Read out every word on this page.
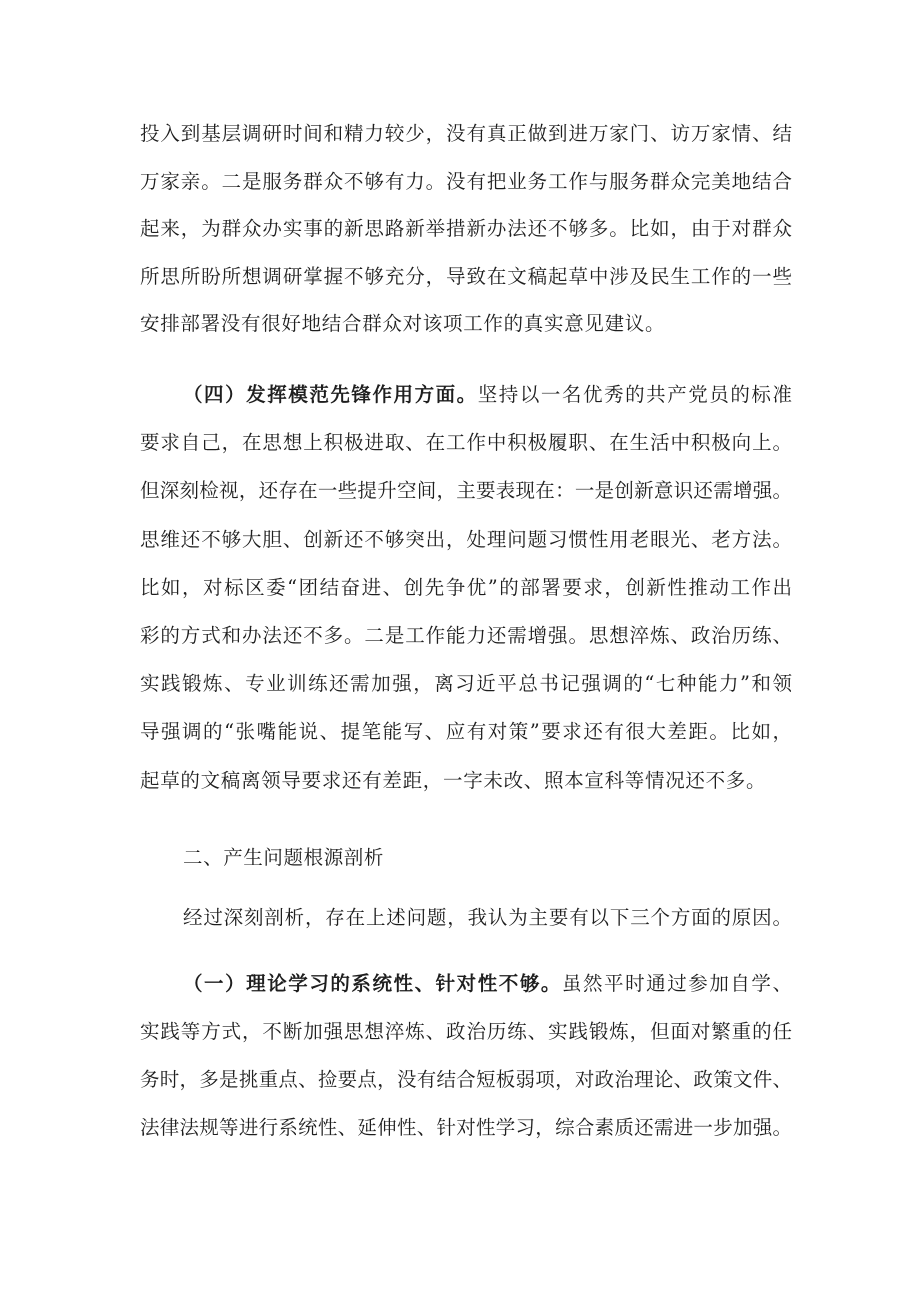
投入到基层调研时间和精力较少，没有真正做到进万家门、访万家情、结
万家亲。二是服务群众不够有力。没有把业务工作与服务群众完美地结合
起来，为群众办实事的新思路新举措新办法还不够多。比如，由于对群众
所思所盼所想调研掌握不够充分，导致在文稿起草中涉及民生工作的一些
安排部署没有很好地结合群众对该项工作的真实意见建议。
（四）发挥模范先锋作用方面。坚持以一名优秀的共产党员的标准
要求自己，在思想上积极进取、在工作中积极履职、在生活中积极向上。
但深刻检视，还存在一些提升空间，主要表现在：一是创新意识还需增强。
思维还不够大胆、创新还不够突出，处理问题习惯性用老眼光、老方法。
比如，对标区委“团结奋进、创先争优”的部署要求，创新性推动工作出
彩的方式和办法还不多。二是工作能力还需增强。思想淬炼、政治历练、
实践锻炼、专业训练还需加强，离习近平总书记强调的“七种能力”和领
导强调的“张嘴能说、提笔能写、应有对策”要求还有很大差距。比如，
起草的文稿离领导要求还有差距，一字未改、照本宣科等情况还不多。
二、产生问题根源剖析
经过深刻剖析，存在上述问题，我认为主要有以下三个方面的原因。
（一）理论学习的系统性、针对性不够。虽然平时通过参加自学、
实践等方式，不断加强思想淬炼、政治历练、实践锻炼，但面对繁重的任
务时，多是挑重点、捡要点，没有结合短板弱项，对政治理论、政策文件、
法律法规等进行系统性、延伸性、针对性学习，综合素质还需进一步加强。
